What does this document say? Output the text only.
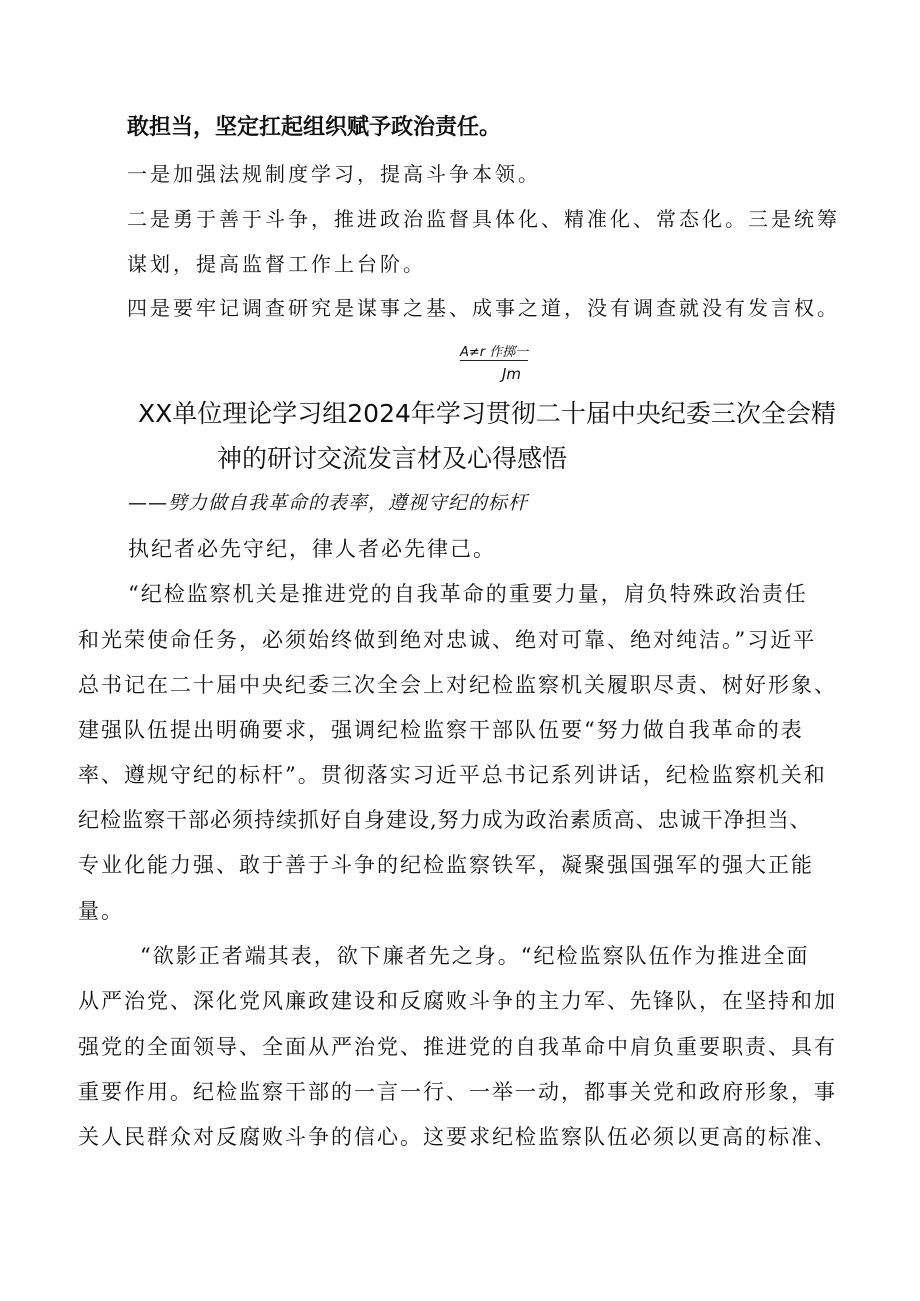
敢担当，坚定扛起组织赋予政治责任。
一是加强法规制度学习，提高斗争本领。
二是勇于善于斗争，推进政治监督具体化、精准化、常态化。三是统筹
谋划，提高监督工作上台阶。
四是要牢记调查研究是谋事之基、成事之道，没有调查就没有发言权。
A≠r 作掷一
Jm
XX单位理论学习组2024年学习贯彻二十届中央纪委三次全会精
神的研讨交流发言材及心得感悟
——劈力做自我革命的表率，遵视守纪的标杆
执纪者必先守纪，律人者必先律己。
“纪检监察机关是推进党的自我革命的重要力量，肩负特殊政治责任
和光荣使命任务，必须始终做到绝对忠诚、绝对可靠、绝对纯洁。”习近平
总书记在二十届中央纪委三次全会上对纪检监察机关履职尽责、树好形象、
建强队伍提出明确要求，强调纪检监察干部队伍要“努力做自我革命的表
率、遵规守纪的标杆”。贯彻落实习近平总书记系列讲话，纪检监察机关和
纪检监察干部必须持续抓好自身建设,努力成为政治素质高、忠诚干净担当、
专业化能力强、敢于善于斗争的纪检监察铁军，凝聚强国强军的强大正能
量。
“欲影正者端其表，欲下廉者先之身。“纪检监察队伍作为推进全面
从严治党、深化党风廉政建设和反腐败斗争的主力军、先锋队，在坚持和加
强党的全面领导、全面从严治党、推进党的自我革命中肩负重要职责、具有
重要作用。纪检监察干部的一言一行、一举一动，都事关党和政府形象，事
关人民群众对反腐败斗争的信心。这要求纪检监察队伍必须以更高的标准、
